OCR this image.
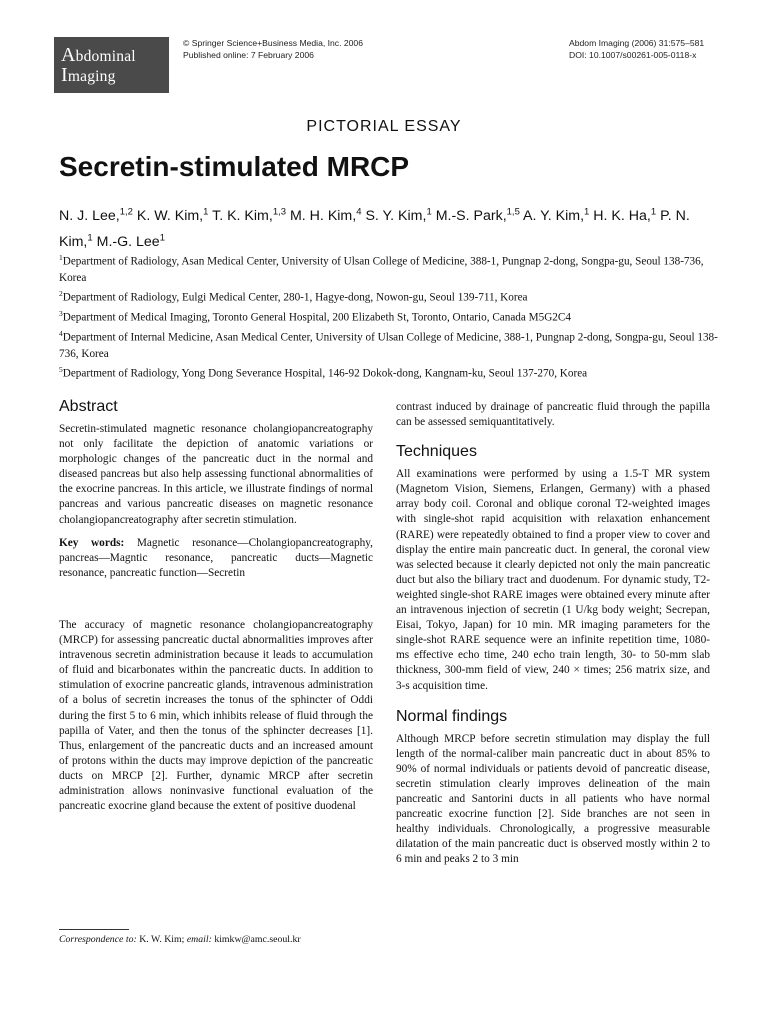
Abdominal
Imaging
© Springer Science+Business Media, Inc. 2006
Published online: 7 February 2006
Abdom Imaging (2006) 31:575–581
DOI: 10.1007/s00261-005-0118-x
PICTORIAL ESSAY
Secretin-stimulated MRCP
N. J. Lee,$^{1,2}$ K. W. Kim,$^1$ T. K. Kim,$^{1,3}$ M. H. Kim,$^4$ S. Y. Kim,$^1$ M.-S. Park,$^{1,5}$ A. Y. Kim,$^1$ H. K. Ha,$^1$ P. N. Kim,$^1$ M.-G. Lee$^1$

$^1$Department of Radiology, Asan Medical Center, University of Ulsan College of Medicine, 388-1, Pungnap 2-dong, Songpa-gu, Seoul 138-736, Korea

$^2$Department of Radiology, Eulgi Medical Center, 280-1, Hagye-dong, Nowon-gu, Seoul 139-711, Korea

$^3$Department of Medical Imaging, Toronto General Hospital, 200 Elizabeth St, Toronto, Ontario, Canada M5G2C4

$^4$Department of Internal Medicine, Asan Medical Center, University of Ulsan College of Medicine, 388-1, Pungnap 2-dong, Songpa-gu, Seoul 138-736, Korea

$^5$Department of Radiology, Yong Dong Severance Hospital, 146-92 Dokok-dong, Kangnam-ku, Seoul 137-270, Korea

Abstract

Secretin-stimulated magnetic resonance cholangiopancreatography not only facilitate the depiction of anatomic variations or morphologic changes of the pancreatic duct in the normal and diseased pancreas but also help assessing functional abnormalities of the exocrine pancreas. In this article, we illustrate findings of normal pancreas and various pancreatic diseases on magnetic resonance cholangiopancreatography after secretin stimulation.

Key words: Magnetic resonance—Cholangiopancreatography, pancreas—Magntic resonance, pancreatic ducts—Magnetic resonance, pancreatic function—Secretin

The accuracy of magnetic resonance cholangiopancreatography (MRCP) for assessing pancreatic ductal abnormalities improves after intravenous secretin administration because it leads to accumulation of fluid and bicarbonates within the pancreatic ducts. In addition to stimulation of exocrine pancreatic glands, intravenous administration of a bolus of secretin increases the tonus of the sphincter of Oddi during the first 5 to 6 min, which inhibits release of fluid through the papilla of Vater, and then the tonus of the sphincter decreases [1]. Thus, enlargement of the pancreatic ducts and an increased amount of protons within the ducts may improve depiction of the pancreatic ducts on MRCP [2]. Further, dynamic MRCP after secretin administration allows noninvasive functional evaluation of the pancreatic exocrine gland because the extent of positive duodenal

contrast induced by drainage of pancreatic fluid through the papilla can be assessed semiquantitatively.

Techniques

All examinations were performed by using a 1.5-T MR system (Magnetom Vision, Siemens, Erlangen, Germany) with a phased array body coil. Coronal and oblique coronal T2-weighted images with single-shot rapid acquisition with relaxation enhancement (RARE) were repeatedly obtained to find a proper view to cover and display the entire main pancreatic duct. In general, the coronal view was selected because it clearly depicted not only the main pancreatic duct but also the biliary tract and duodenum. For dynamic study, T2-weighted single-shot RARE images were obtained every minute after an intravenous injection of secretin (1 U/kg body weight; Secrepan, Eisai, Tokyo, Japan) for 10 min. MR imaging parameters for the single-shot RARE sequence were an infinite repetition time, 1080-ms effective echo time, 240 echo train length, 30- to 50-mm slab thickness, 300-mm field of view, 240 × times; 256 matrix size, and 3-s acquisition time.

Normal findings

Although MRCP before secretin stimulation may display the full length of the normal-caliber main pancreatic duct in about 85% to 90% of normal individuals or patients devoid of pancreatic disease, secretin stimulation clearly improves delineation of the main pancreatic and Santorini ducts in all patients who have normal pancreatic exocrine function [2]. Side branches are not seen in healthy individuals. Chronologically, a progressive measurable dilatation of the main pancreatic duct is observed mostly within 2 to 6 min and peaks 2 to 3 min

Correspondence to: K. W. Kim; email: kimkw@amc.seoul.kr
